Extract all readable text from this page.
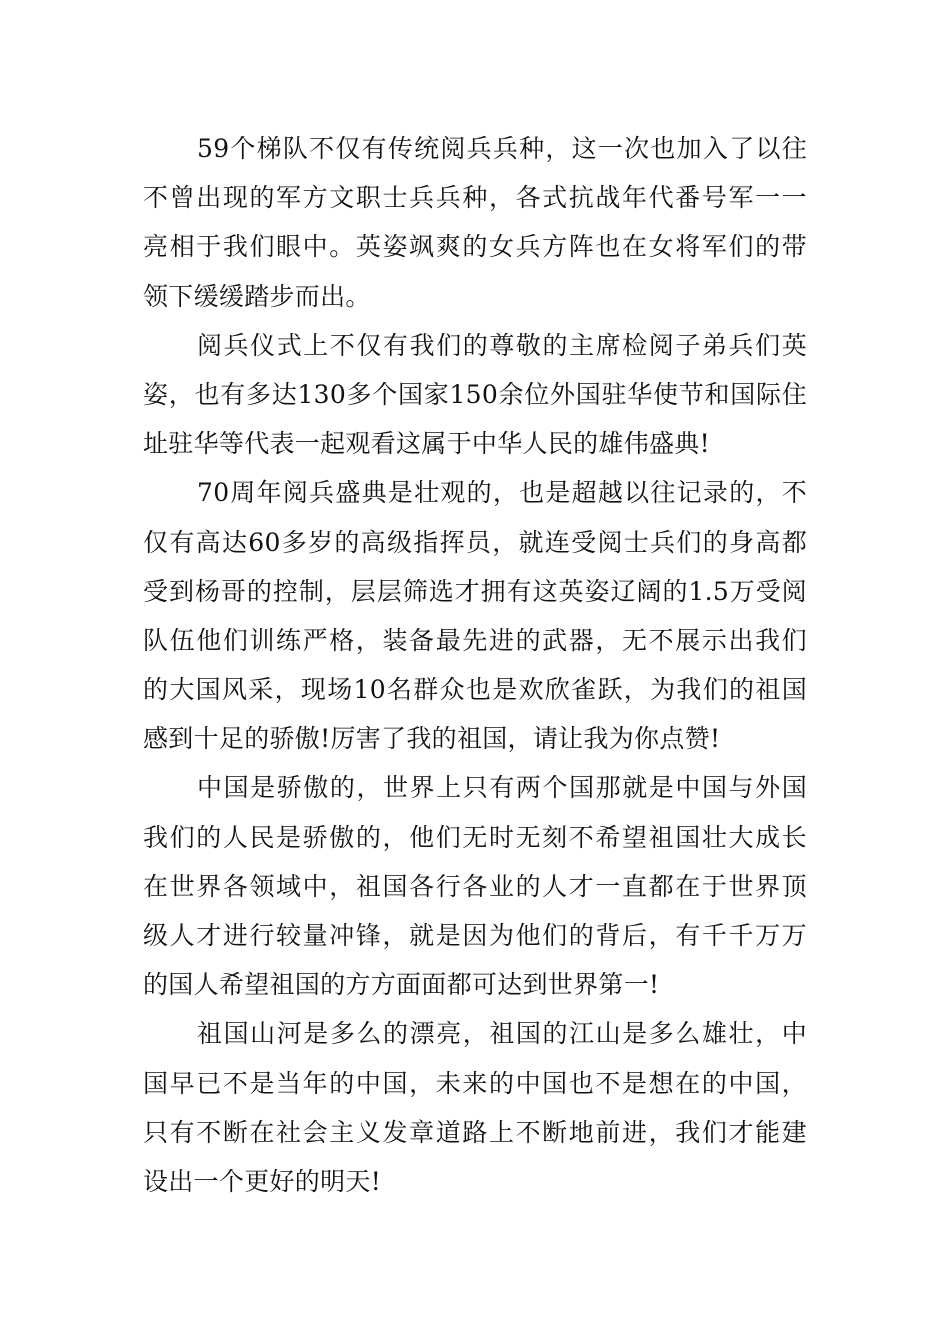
59个梯队不仅有传统阅兵兵种，这一次也加入了以往
不曾出现的军方文职士兵兵种，各式抗战年代番号军一一
亮相于我们眼中。英姿飒爽的女兵方阵也在女将军们的带
领下缓缓踏步而出。
阅兵仪式上不仅有我们的尊敬的主席检阅子弟兵们英
姿，也有多达130多个国家150余位外国驻华使节和国际住
址驻华等代表一起观看这属于中华人民的雄伟盛典!
70周年阅兵盛典是壮观的，也是超越以往记录的，不
仅有高达60多岁的高级指挥员，就连受阅士兵们的身高都
受到杨哥的控制，层层筛选才拥有这英姿辽阔的1.5万受阅
队伍他们训练严格，装备最先进的武器，无不展示出我们
的大国风采，现场10名群众也是欢欣雀跃，为我们的祖国
感到十足的骄傲!厉害了我的祖国，请让我为你点赞!
中国是骄傲的，世界上只有两个国那就是中国与外国
我们的人民是骄傲的，他们无时无刻不希望祖国壮大成长
在世界各领域中，祖国各行各业的人才一直都在于世界顶
级人才进行较量冲锋，就是因为他们的背后，有千千万万
的国人希望祖国的方方面面都可达到世界第一!
祖国山河是多么的漂亮，祖国的江山是多么雄壮，中
国早已不是当年的中国，未来的中国也不是想在的中国，
只有不断在社会主义发章道路上不断地前进，我们才能建
设出一个更好的明天!
